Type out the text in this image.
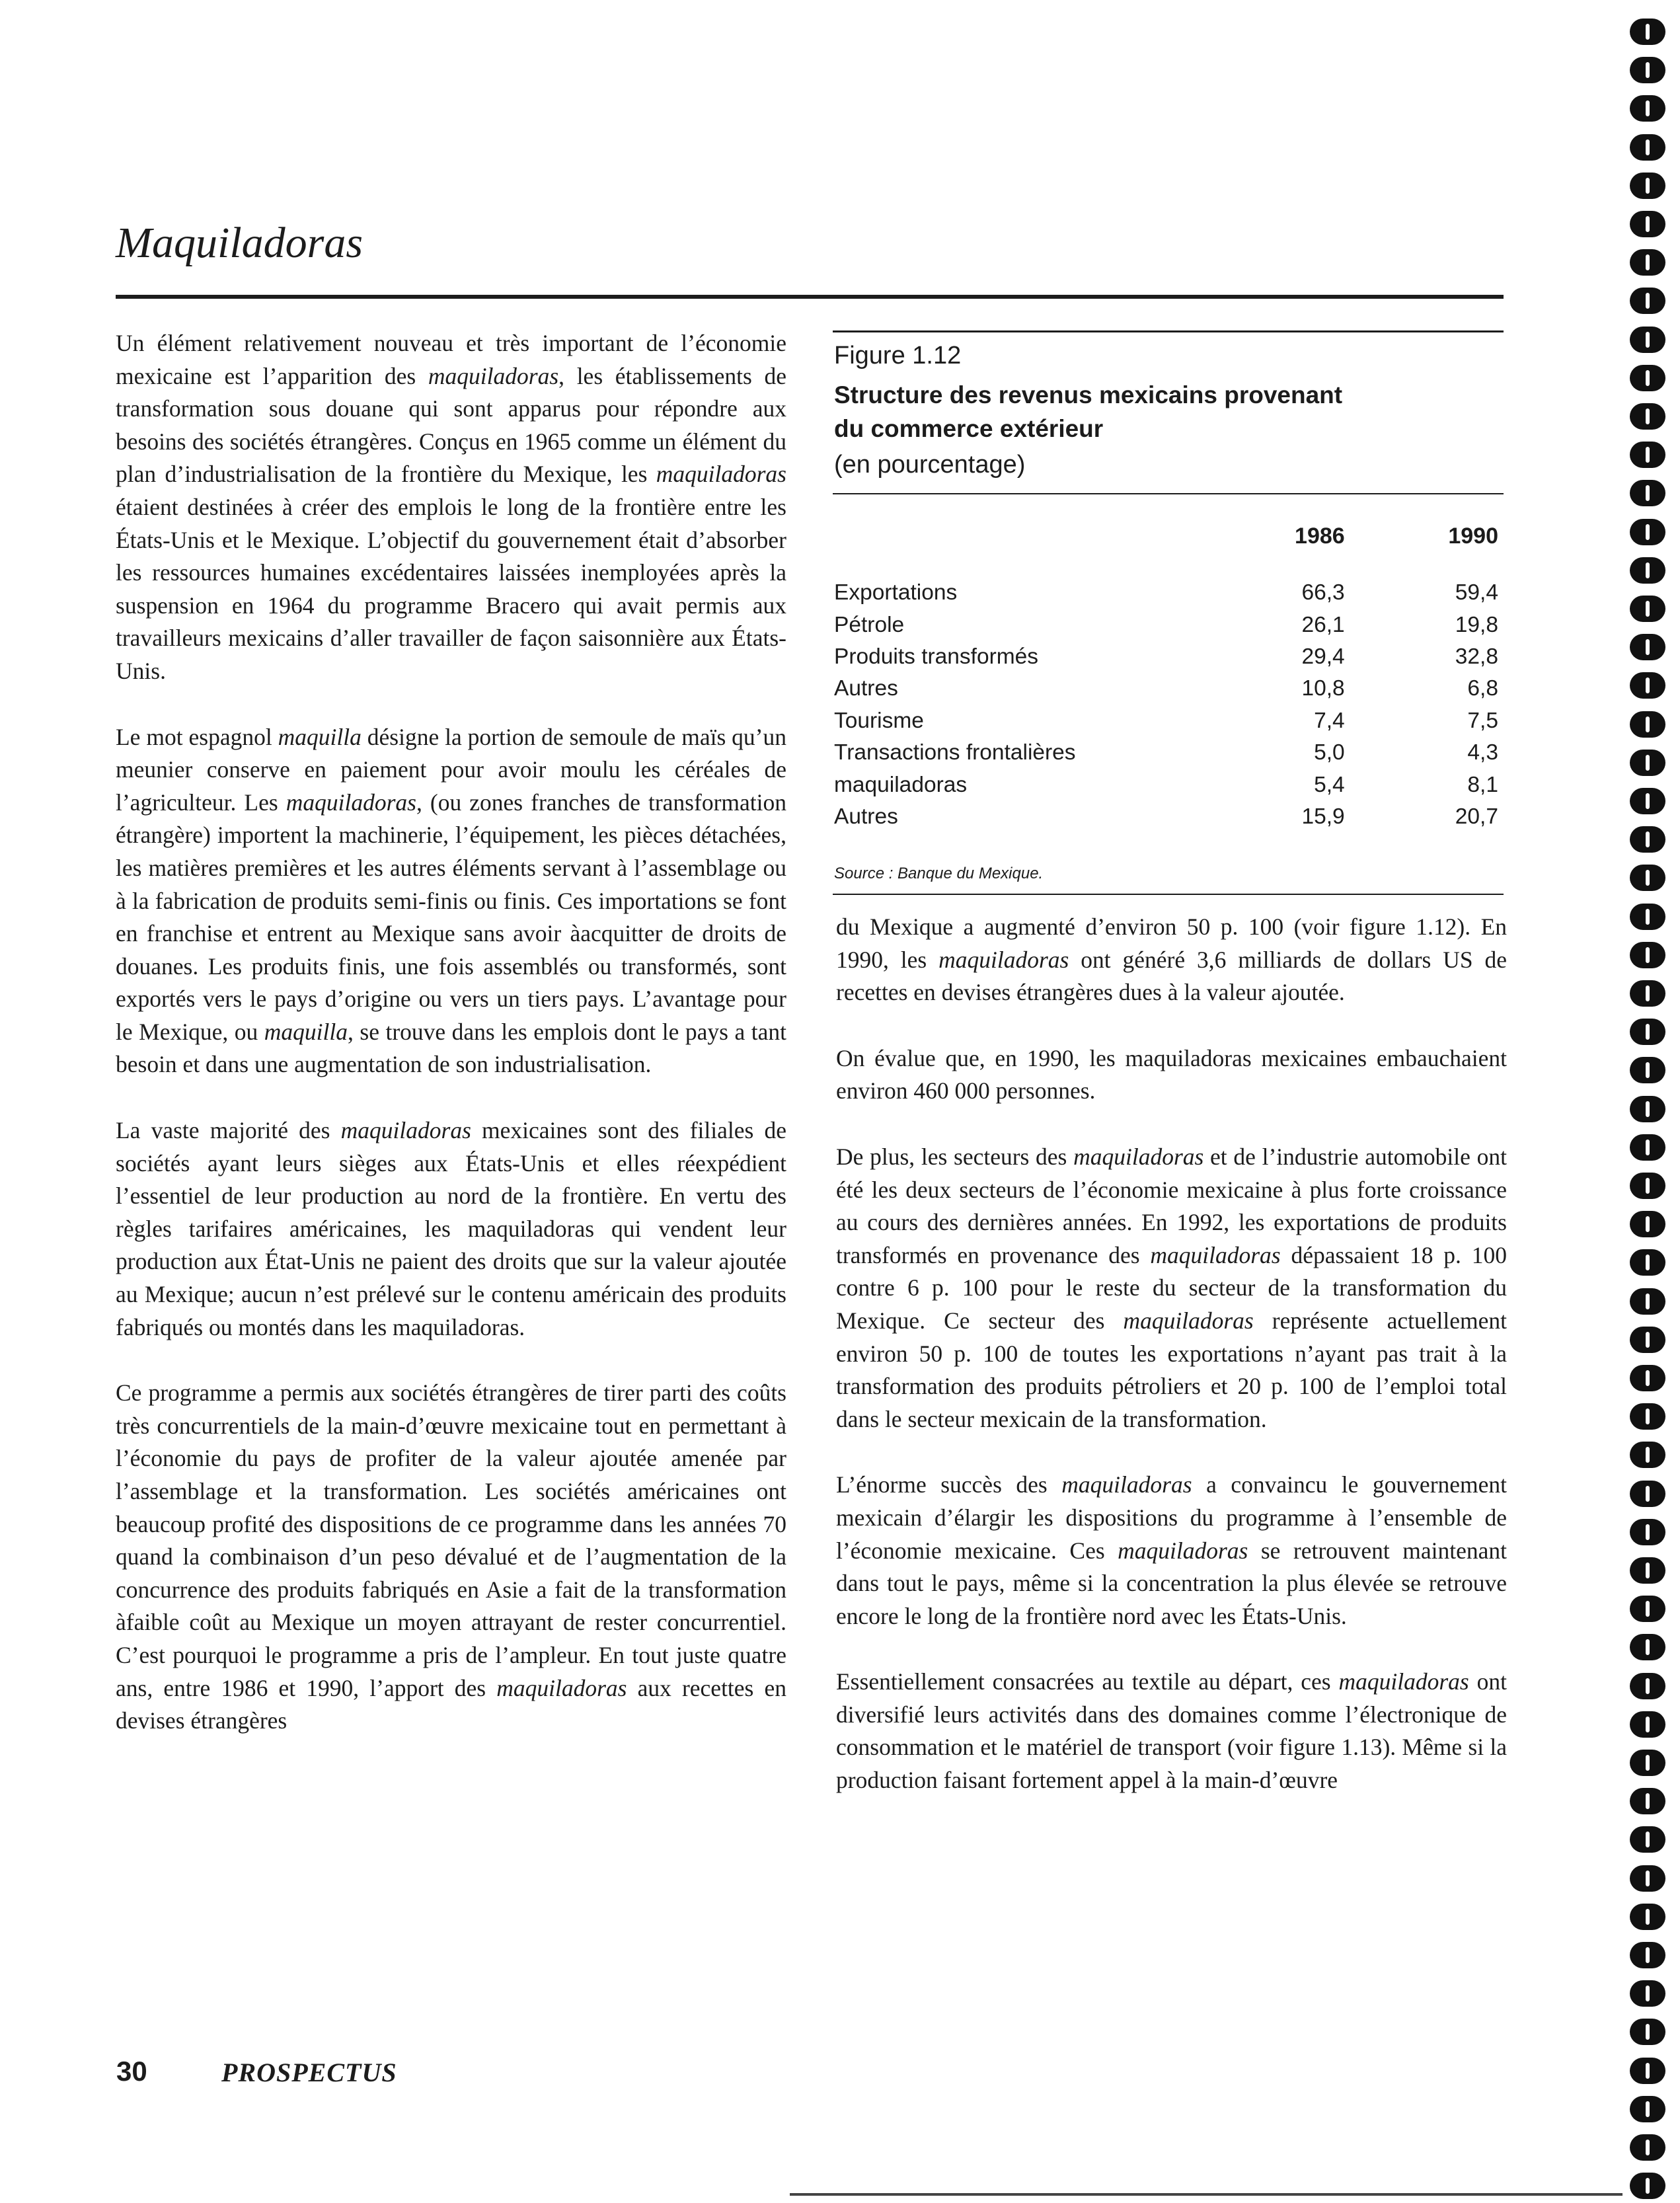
Maquiladoras

Un élément relativement nouveau et très important de l’économie mexicaine est l’apparition des maquiladoras, les établissements de transformation sous douane qui sont apparus pour répondre aux besoins des sociétés étrangères. Conçus en 1965 comme un élément du plan d’industrialisation de la frontière du Mexique, les maquiladoras étaient destinées à créer des emplois le long de la frontière entre les États-Unis et le Mexique. L’objectif du gouvernement était d’absorber les ressources humaines excédentaires laissées inemployées après la suspension en 1964 du programme Bracero qui avait permis aux travailleurs mexicains d’aller travailler de façon saisonnière aux États-Unis.

Le mot espagnol maquilla désigne la portion de semoule de maïs qu’un meunier conserve en paiement pour avoir moulu les céréales de l’agriculteur. Les maquiladoras, (ou zones franches de transformation étrangère) importent la machinerie, l’équipement, les pièces détachées, les matières premières et les autres éléments servant à l’assemblage ou à la fabrication de produits semi-finis ou finis. Ces importations se font en franchise et entrent au Mexique sans avoir àacquitter de droits de douanes. Les produits finis, une fois assemblés ou transformés, sont exportés vers le pays d’origine ou vers un tiers pays. L’avantage pour le Mexique, ou maquilla, se trouve dans les emplois dont le pays a tant besoin et dans une augmentation de son industrialisation.

La vaste majorité des maquiladoras mexicaines sont des filiales de sociétés ayant leurs sièges aux États-Unis et elles réexpédient l’essentiel de leur production au nord de la frontière. En vertu des règles tarifaires américaines, les maquiladoras qui vendent leur production aux État-Unis ne paient des droits que sur la valeur ajoutée au Mexique; aucun n’est prélevé sur le contenu américain des produits fabriqués ou montés dans les maquiladoras.

Ce programme a permis aux sociétés étrangères de tirer parti des coûts très concurrentiels de la main-d’œuvre mexicaine tout en permettant à l’économie du pays de profiter de la valeur ajoutée amenée par l’assemblage et la transformation. Les sociétés américaines ont beaucoup profité des dispositions de ce programme dans les années 70 quand la combinaison d’un peso dévalué et de l’augmentation de la concurrence des produits fabriqués en Asie a fait de la transformation àfaible coût au Mexique un moyen attrayant de rester concurrentiel. C’est pourquoi le programme a pris de l’ampleur. En tout juste quatre ans, entre 1986 et 1990, l’apport des maquiladoras aux recettes en devises étrangères

Figure 1.12
Structure des revenus mexicains provenant
du commerce extérieur
(en pourcentage)
	1986	1990

Exportations	66,3	59,4
Pétrole	26,1	19,8
Produits transformés	29,4	32,8
Autres	10,8	6,8
Tourisme	7,4	7,5
Transactions frontalières	5,0	4,3
maquiladoras	5,4	8,1
Autres	15,9	20,7
Source : Banque du Mexique.

du Mexique a augmenté d’environ 50 p. 100 (voir figure 1.12). En 1990, les maquiladoras ont généré 3,6 milliards de dollars US de recettes en devises étrangères dues à la valeur ajoutée.

On évalue que, en 1990, les maquiladoras mexicaines embauchaient environ 460 000 personnes.

De plus, les secteurs des maquiladoras et de l’industrie automobile ont été les deux secteurs de l’économie mexicaine à plus forte croissance au cours des dernières années. En 1992, les exportations de produits transformés en provenance des maquiladoras dépassaient 18 p. 100 contre 6 p. 100 pour le reste du secteur de la transformation du Mexique. Ce secteur des maquiladoras représente actuellement environ 50 p. 100 de toutes les exportations n’ayant pas trait à la transformation des produits pétroliers et 20 p. 100 de l’emploi total dans le secteur mexicain de la transformation.

L’énorme succès des maquiladoras a convaincu le gouvernement mexicain d’élargir les dispositions du programme à l’ensemble de l’économie mexicaine. Ces maquiladoras se retrouvent maintenant dans tout le pays, même si la concentration la plus élevée se retrouve encore le long de la frontière nord avec les États-Unis.

Essentiellement consacrées au textile au départ, ces maquiladoras ont diversifié leurs activités dans des domaines comme l’électronique de consommation et le matériel de transport (voir figure 1.13). Même si la production faisant fortement appel à la main-d’œuvre

30	PROSPECTUS
